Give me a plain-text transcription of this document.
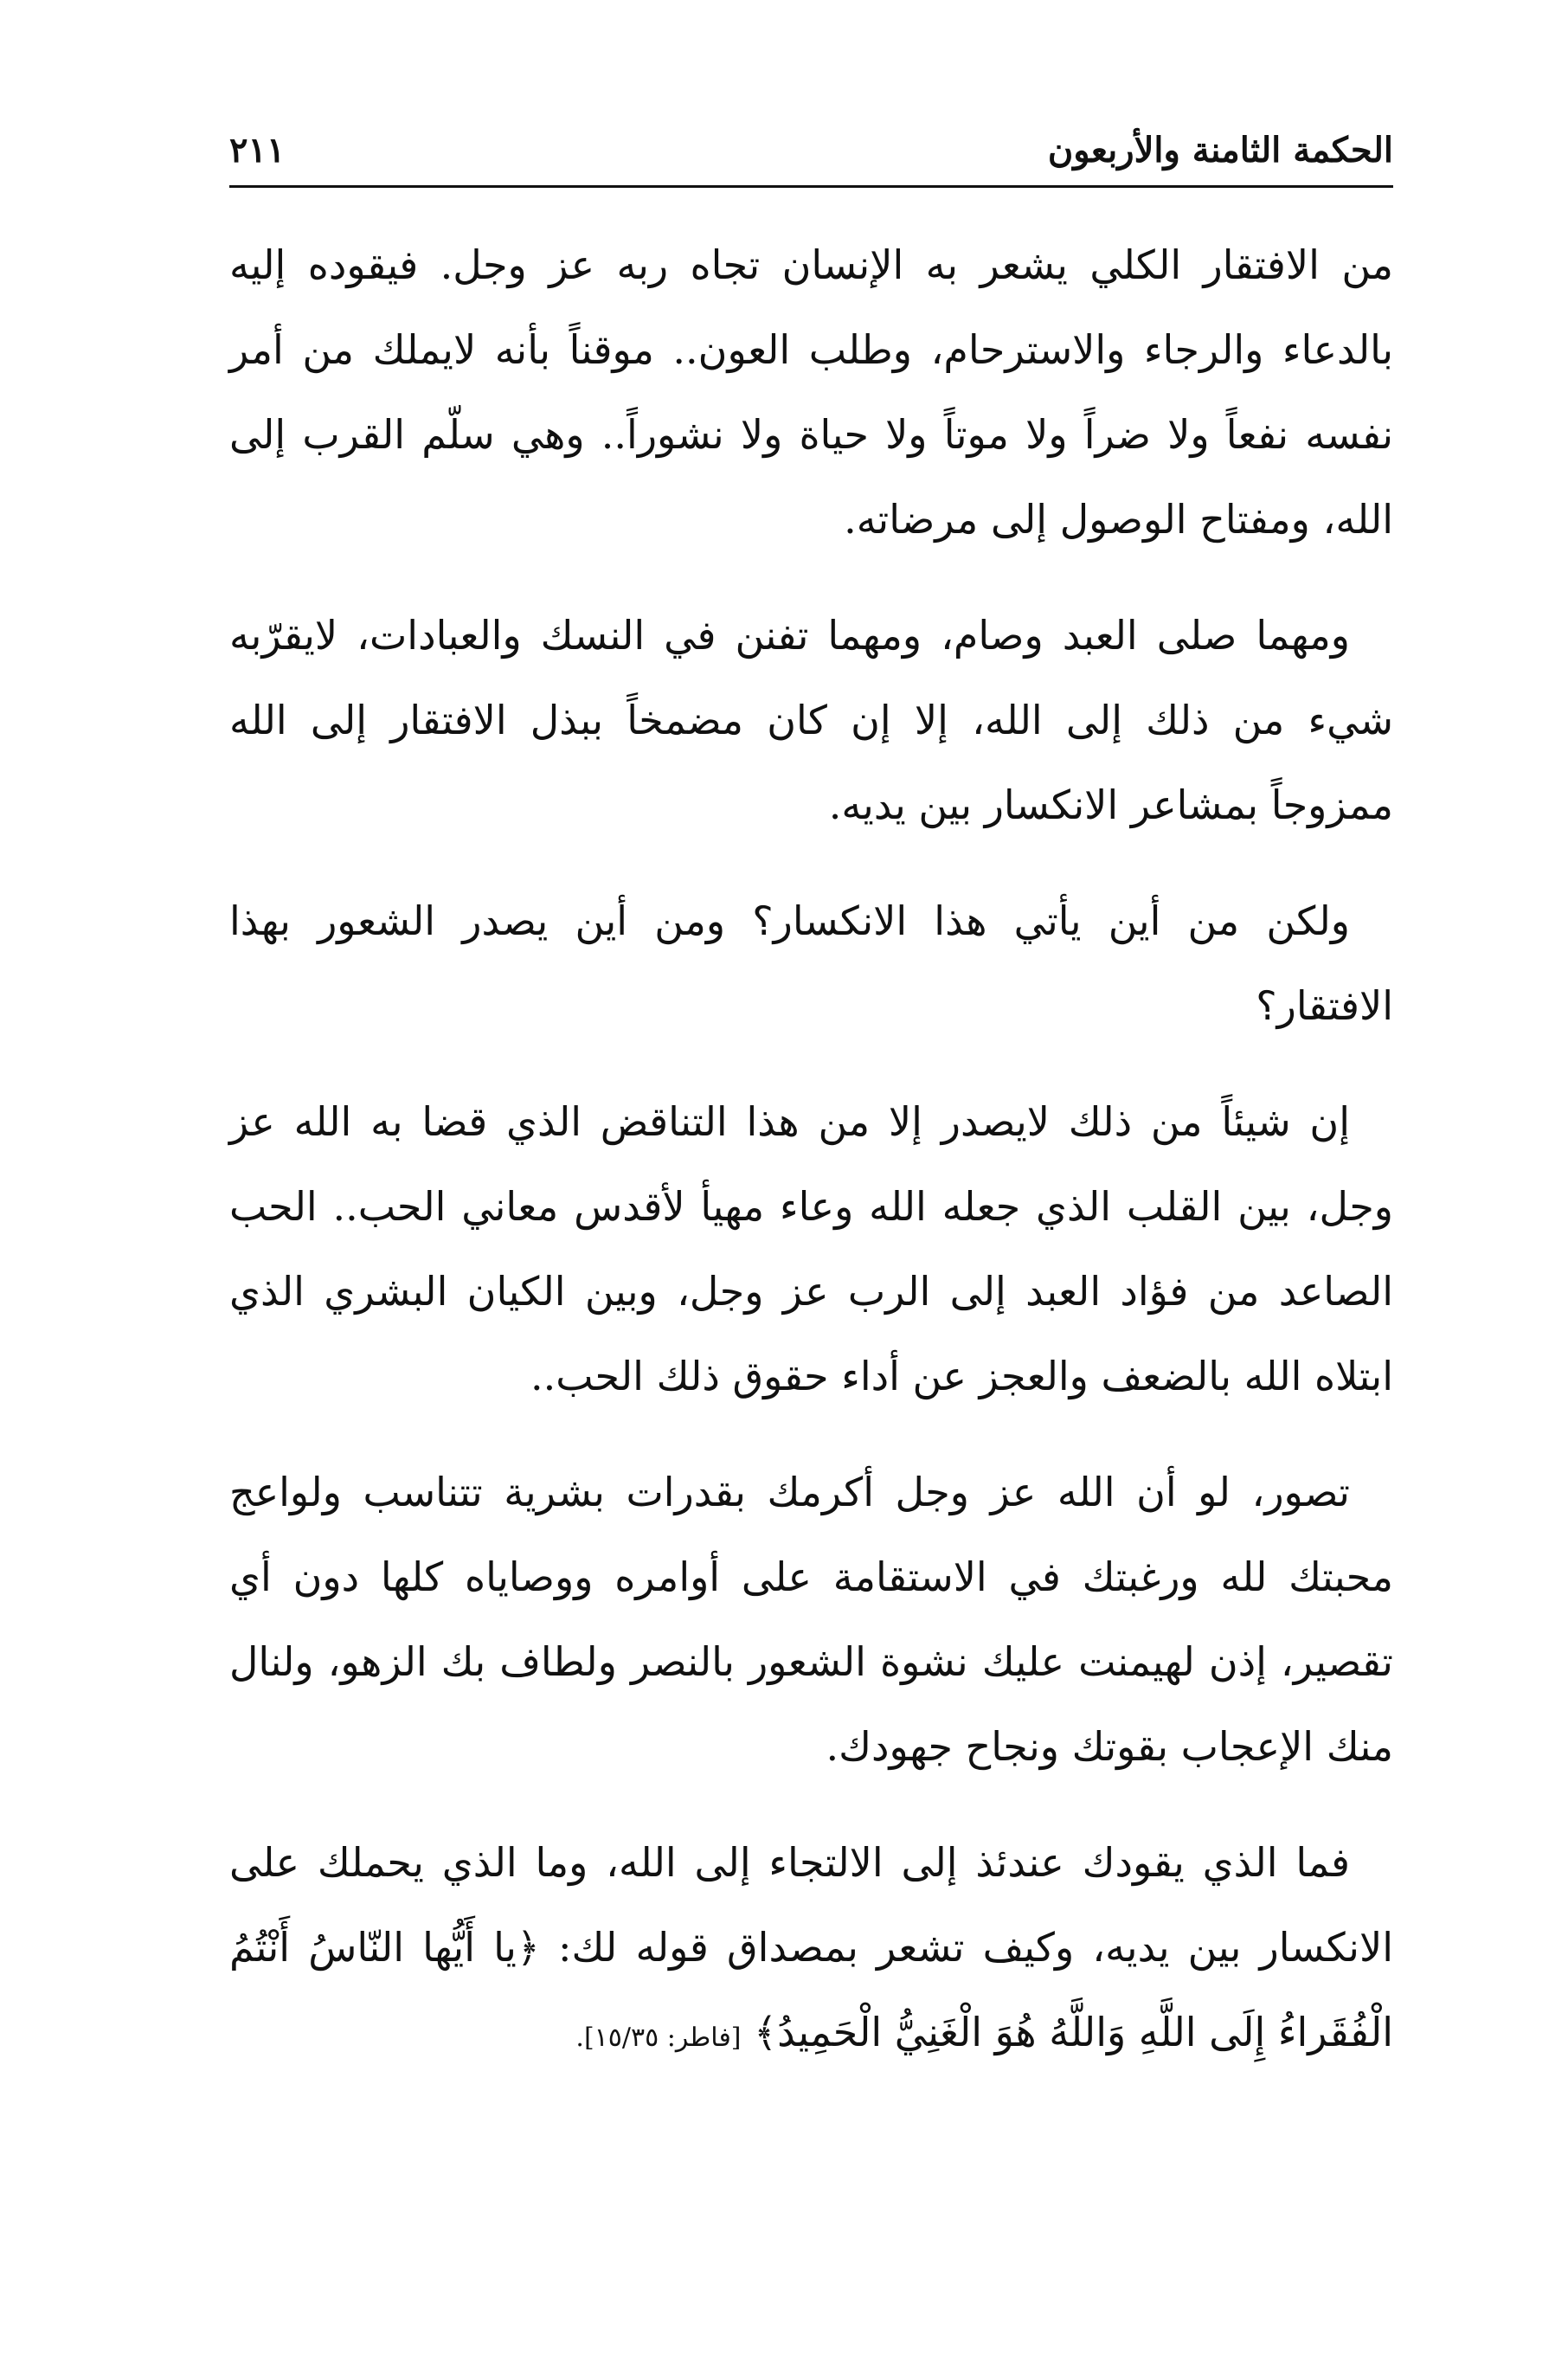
الحكمة الثامنة والأربعون
٢١١

من الافتقار الكلي يشعر به الإنسان تجاه ربه عز وجل. فيقوده إليه بالدعاء والرجاء والاسترحام، وطلب العون.. موقناً بأنه لايملك من أمر نفسه نفعاً ولا ضراً ولا موتاً ولا حياة ولا نشوراً.. وهي سلّم القرب إلى الله، ومفتاح الوصول إلى مرضاته.

ومهما صلى العبد وصام، ومهما تفنن في النسك والعبادات، لايقرّبه شيء من ذلك إلى الله، إلا إن كان مضمخاً ببذل الافتقار إلى الله ممزوجاً بمشاعر الانكسار بين يديه.

ولكن من أين يأتي هذا الانكسار؟ ومن أين يصدر الشعور بهذا الافتقار؟

إن شيئاً من ذلك لايصدر إلا من هذا التناقض الذي قضا به الله عز وجل، بين القلب الذي جعله الله وعاء مهيأ لأقدس معاني الحب.. الحب الصاعد من فؤاد العبد إلى الرب عز وجل، وبين الكيان البشري الذي ابتلاه الله بالضعف والعجز عن أداء حقوق ذلك الحب..

تصور، لو أن الله عز وجل أكرمك بقدرات بشرية تتناسب ولواعج محبتك لله ورغبتك في الاستقامة على أوامره ووصاياه كلها دون أي تقصير، إذن لهيمنت عليك نشوة الشعور بالنصر ولطاف بك الزهو، ولنال منك الإعجاب بقوتك ونجاح جهودك.

فما الذي يقودك عندئذ إلى الالتجاء إلى الله، وما الذي يحملك على الانكسار بين يديه، وكيف تشعر بمصداق قوله لك: ﴿يا أَيُّها النّاسُ أَنْتُمُ الْفُقَراءُ إِلَى اللَّهِ وَاللَّهُ هُوَ الْغَنِيُّ الْحَمِيدُ﴾ [فاطر: ١٥/٣٥].
